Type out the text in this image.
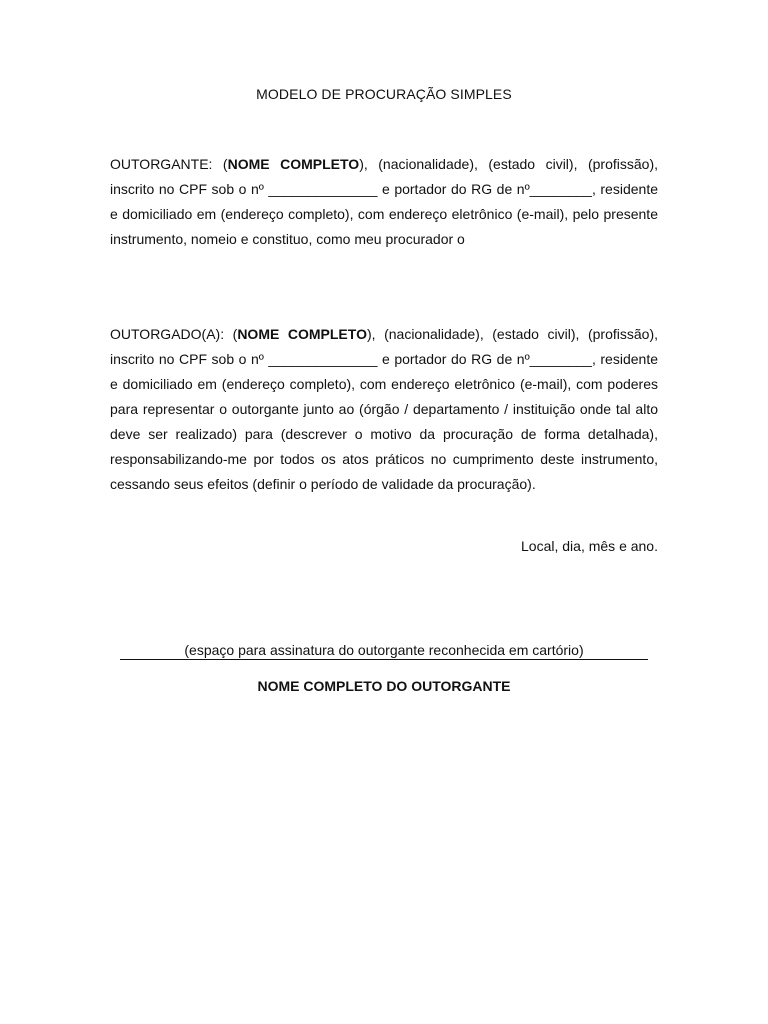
MODELO DE PROCURAÇÃO SIMPLES

OUTORGANTE: (NOME COMPLETO), (nacionalidade), (estado civil), (profissão), inscrito no CPF sob o nº ______________ e portador do RG de nº________, residente e domiciliado em (endereço completo), com endereço eletrônico (e-mail), pelo presente instrumento, nomeio e constituo, como meu procurador o

OUTORGADO(A): (NOME COMPLETO), (nacionalidade), (estado civil), (profissão), inscrito no CPF sob o nº ______________ e portador do RG de nº________, residente e domiciliado em (endereço completo), com endereço eletrônico (e-mail), com poderes para representar o outorgante junto ao (órgão / departamento / instituição onde tal alto deve ser realizado) para (descrever o motivo da procuração de forma detalhada), responsabilizando-me por todos os atos práticos no cumprimento deste instrumento, cessando seus efeitos (definir o período de validade da procuração).

Local, dia, mês e ano.
(espaço para assinatura do outorgante reconhecida em cartório)
NOME COMPLETO DO OUTORGANTE
